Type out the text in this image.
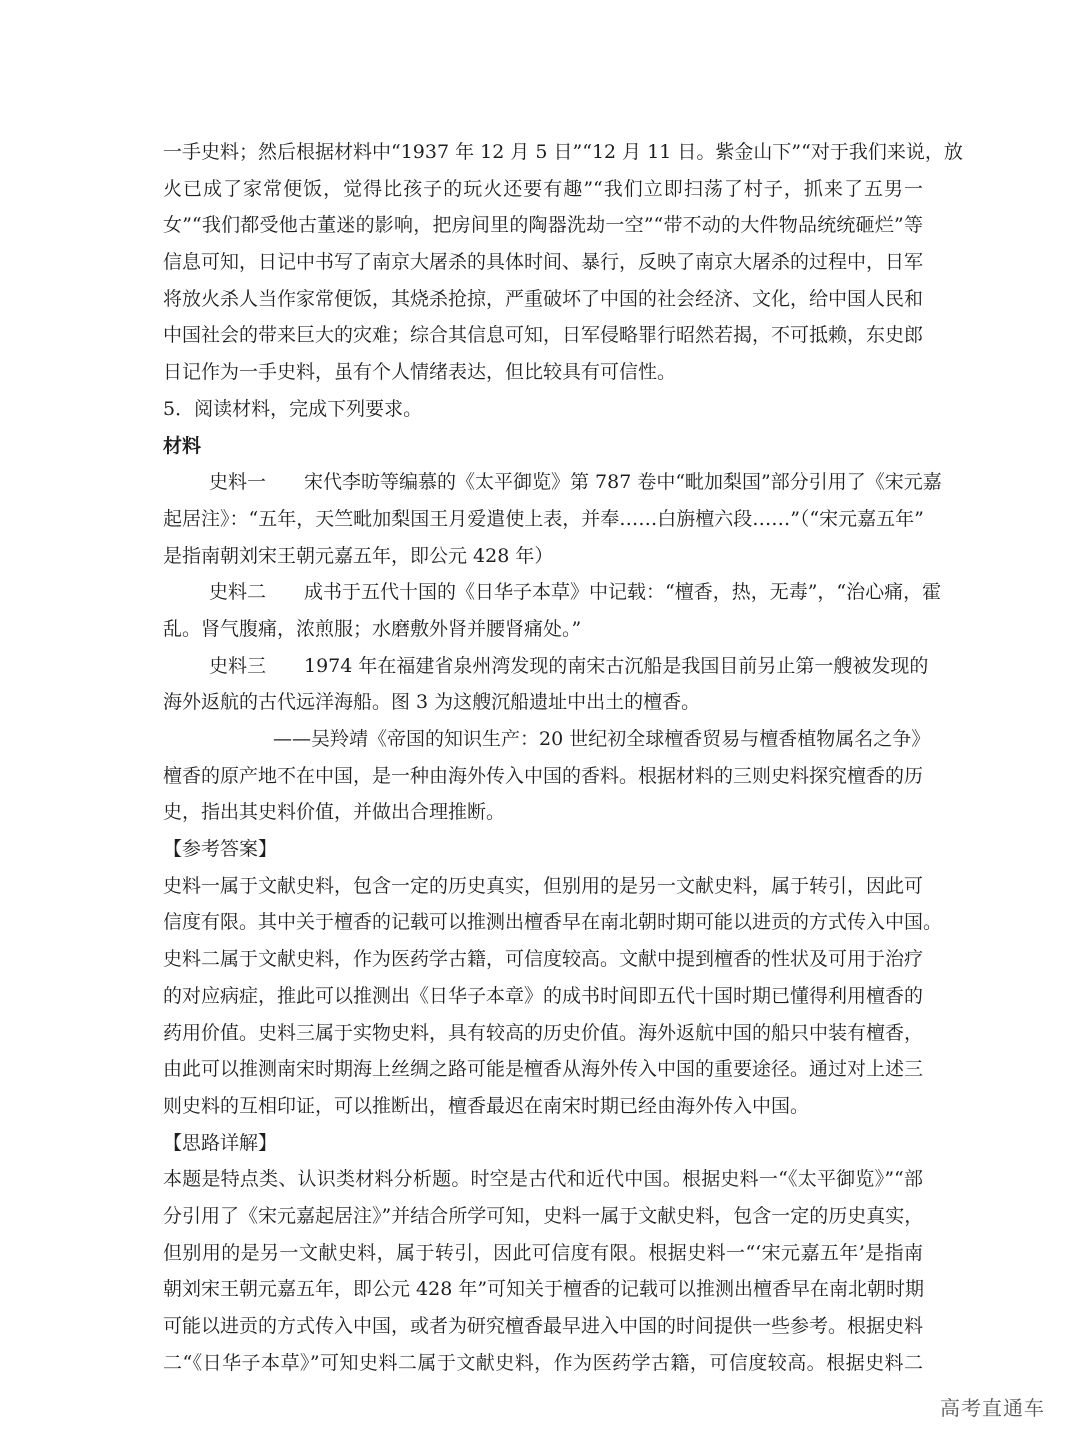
一手史料；然后根据材料中“1937 年 12 月 5 日”“12 月 11 日。紫金山下”“对于我们来说，放
火已成了家常便饭，觉得比孩子的玩火还要有趣”“我们立即扫荡了村子，抓来了五男一
女”“我们都受他古董迷的影响，把房间里的陶器洗劫一空”“带不动的大件物品统统砸烂”等
信息可知，日记中书写了南京大屠杀的具体时间、暴行，反映了南京大屠杀的过程中，日军
将放火杀人当作家常便饭，其烧杀抢掠，严重破坏了中国的社会经济、文化，给中国人民和
中国社会的带来巨大的灾难；综合其信息可知，日军侵略罪行昭然若揭，不可抵赖，东史郎
日记作为一手史料，虽有个人情绪表达，但比较具有可信性。
5．阅读材料，完成下列要求。
材料
史料一　　宋代李昉等编慕的《太平御览》第 787 卷中“毗加梨国”部分引用了《宋元嘉
起居注》：“五年，天竺毗加梨国王月爱遣使上表，并奉……白旃檀六段……”（“宋元嘉五年”
是指南朝刘宋王朝元嘉五年，即公元 428 年）
史料二　　成书于五代十国的《日华子本草》中记载：“檀香，热，无毒”，“治心痛，霍
乱。肾气腹痛，浓煎服；水磨敷外肾并腰肾痛处。”
史料三　　1974 年在福建省泉州湾发现的南宋古沉船是我国目前另止第一艘被发现的
海外返航的古代远洋海船。图 3 为这艘沉船遗址中出土的檀香。
——吴羚靖《帝国的知识生产：20 世纪初全球檀香贸易与檀香植物属名之争》
檀香的原产地不在中国，是一种由海外传入中国的香料。根据材料的三则史料探究檀香的历
史，指出其史料价值，并做出合理推断。
【参考答案】
史料一属于文献史料，包含一定的历史真实，但别用的是另一文献史料，属于转引，因此可
信度有限。其中关于檀香的记载可以推测出檀香早在南北朝时期可能以进贡的方式传入中国。
史料二属于文献史料，作为医药学古籍，可信度较高。文献中提到檀香的性状及可用于治疗
的对应病症，推此可以推测出《日华子本章》的成书时间即五代十国时期已懂得利用檀香的
药用价值。史料三属于实物史料，具有较高的历史价值。海外返航中国的船只中装有檀香，
由此可以推测南宋时期海上丝绸之路可能是檀香从海外传入中国的重要途径。通过对上述三
则史料的互相印证，可以推断出，檀香最迟在南宋时期已经由海外传入中国。
【思路详解】
本题是特点类、认识类材料分析题。时空是古代和近代中国。根据史料一“《太平御览》”“部
分引用了《宋元嘉起居注》”并结合所学可知，史料一属于文献史料，包含一定的历史真实，
但别用的是另一文献史料，属于转引，因此可信度有限。根据史料一“‘宋元嘉五年’是指南
朝刘宋王朝元嘉五年，即公元 428 年”可知关于檀香的记载可以推测出檀香早在南北朝时期
可能以进贡的方式传入中国，或者为研究檀香最早进入中国的时间提供一些参考。根据史料
二“《日华子本草》”可知史料二属于文献史料，作为医药学古籍，可信度较高。根据史料二
高考直通车
